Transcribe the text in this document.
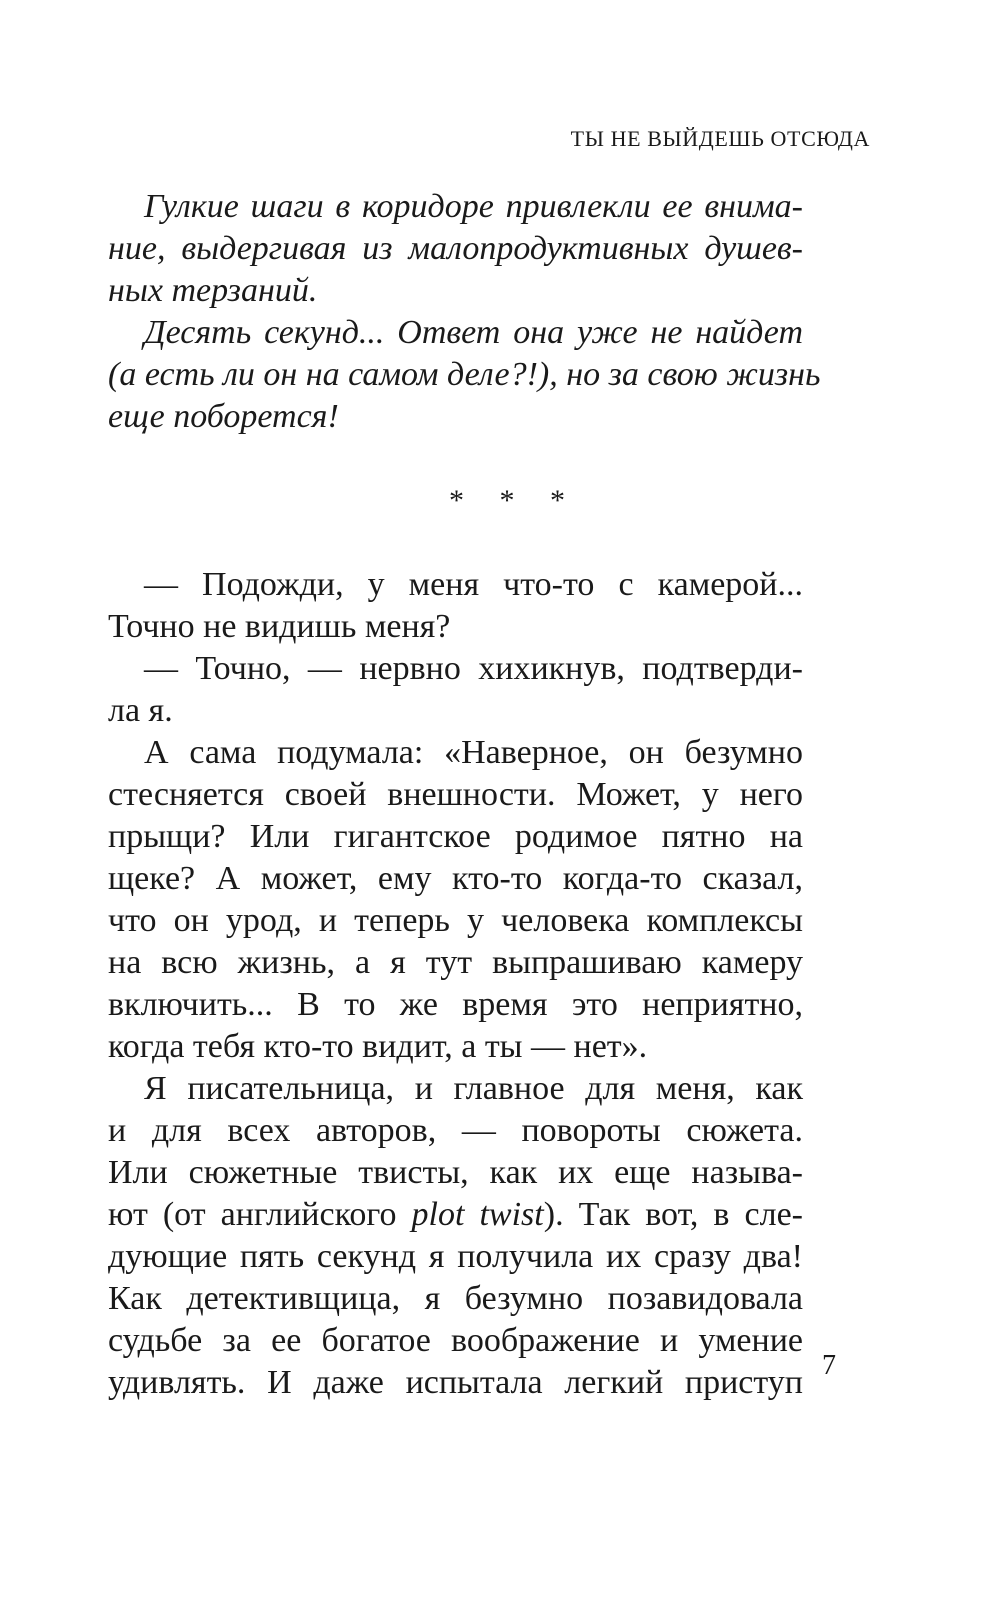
ТЫ НЕ ВЫЙДЕШЬ ОТСЮДА
Гулкие шаги в коридоре привлекли ее внима-
ние, выдергивая из малопродуктивных душев-
ных терзаний.
Десять секунд... Ответ она уже не найдет
(а есть ли он на самом деле?!), но за свою жизнь
еще поборется!
* * *
— Подожди, у меня что-то с камерой...
Точно не видишь меня?
— Точно, — нервно хихикнув, подтверди-
ла я.
А сама подумала: «Наверное, он безумно
стесняется своей внешности. Может, у него
прыщи? Или гигантское родимое пятно на
щеке? А может, ему кто-то когда-то сказал,
что он урод, и теперь у человека комплексы
на всю жизнь, а я тут выпрашиваю камеру
включить... В то же время это неприятно,
когда тебя кто-то видит, а ты — нет».
Я писательница, и главное для меня, как
и для всех авторов, — повороты сюжета.
Или сюжетные твисты, как их еще называ-
ют (от английского plot twist). Так вот, в сле-
дующие пять секунд я получила их сразу два!
Как детективщица, я безумно позавидовала
судьбе за ее богатое воображение и умение
удивлять. И даже испытала легкий приступ 7
